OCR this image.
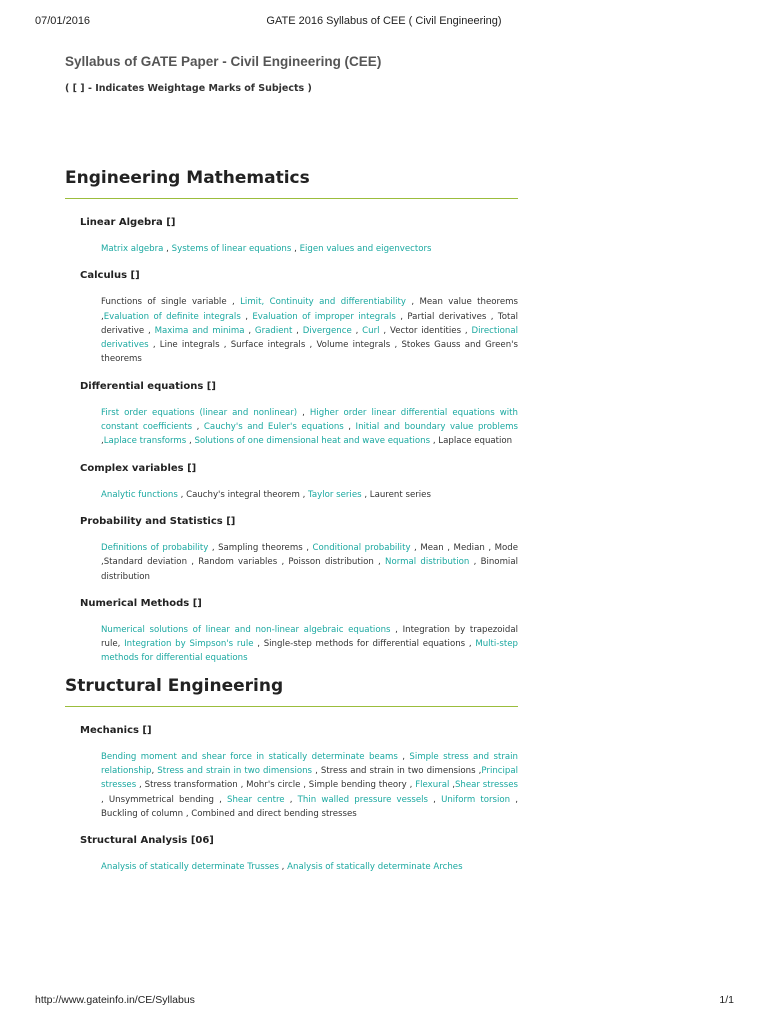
07/01/2016	GATE 2016 Syllabus of CEE ( Civil Engineering)
Syllabus of GATE Paper - Civil Engineering (CEE)
( [ ] - Indicates Weightage Marks of Subjects )
Engineering Mathematics
Linear Algebra []
Matrix algebra , Systems of linear equations , Eigen values and eigenvectors
Calculus []
Functions of single variable , Limit, Continuity and differentiability , Mean value theorems ,Evaluation of definite integrals , Evaluation of improper integrals , Partial derivatives , Total derivative , Maxima and minima , Gradient , Divergence , Curl , Vector identities , Directional derivatives , Line integrals , Surface integrals , Volume integrals , Stokes Gauss and Green's theorems
Differential equations []
First order equations (linear and nonlinear) , Higher order linear differential equations with constant coefficients , Cauchy's and Euler's equations , Initial and boundary value problems ,Laplace transforms , Solutions of one dimensional heat and wave equations , Laplace equation
Complex variables []
Analytic functions , Cauchy's integral theorem , Taylor series , Laurent series
Probability and Statistics []
Definitions of probability , Sampling theorems , Conditional probability , Mean , Median , Mode ,Standard deviation , Random variables , Poisson distribution , Normal distribution , Binomial distribution
Numerical Methods []
Numerical solutions of linear and non-linear algebraic equations , Integration by trapezoidal rule, Integration by Simpson's rule , Single-step methods for differential equations , Multi-step methods for differential equations
Structural Engineering
Mechanics []
Bending moment and shear force in statically determinate beams , Simple stress and strain relationship, Stress and strain in two dimensions , Stress and strain in two dimensions ,Principal stresses , Stress transformation , Mohr's circle , Simple bending theory , Flexural ,Shear stresses , Unsymmetrical bending , Shear centre , Thin walled pressure vessels , Uniform torsion , Buckling of column , Combined and direct bending stresses
Structural Analysis [06]
Analysis of statically determinate Trusses , Analysis of statically determinate Arches
http://www.gateinfo.in/CE/Syllabus	1/1
